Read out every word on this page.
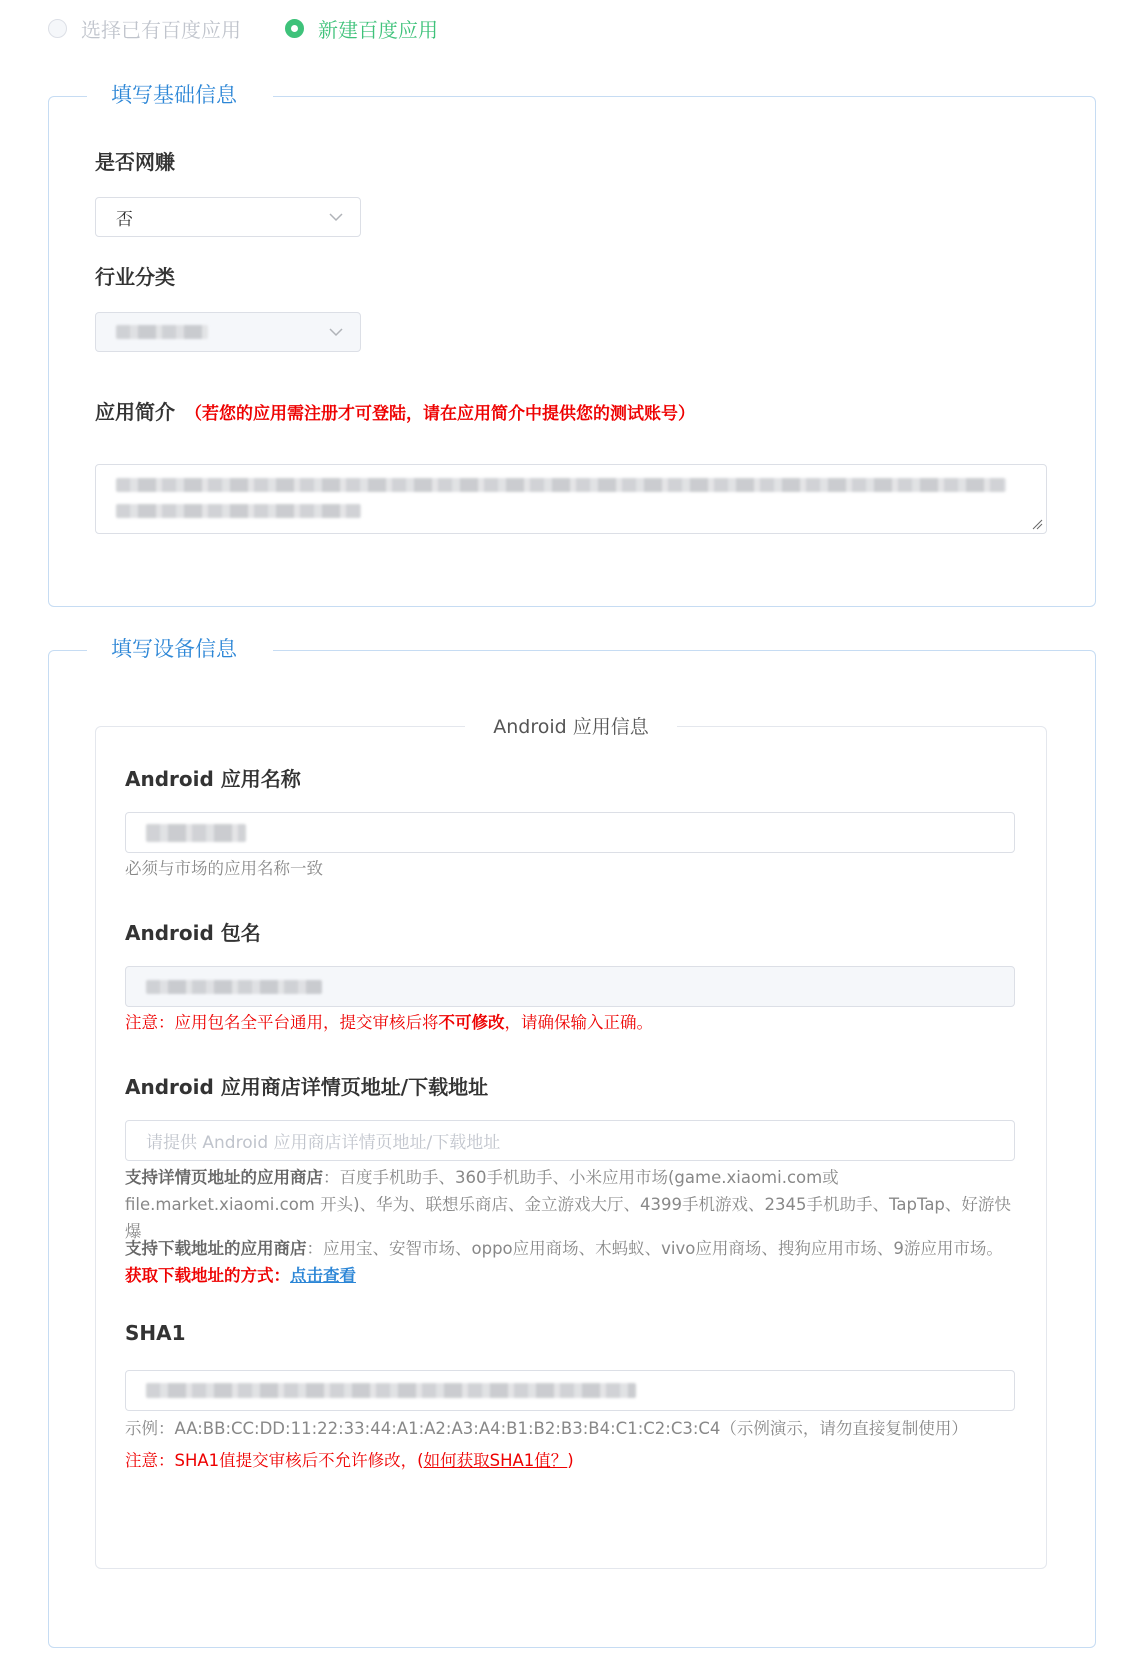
选择已有百度应用	新建百度应用
填写基础信息
是否网赚
否
行业分类
应用简介 （若您的应用需注册才可登陆，请在应用简介中提供您的测试账号）
填写设备信息
Android 应用信息
Android 应用名称
必须与市场的应用名称一致
Android 包名
注意：应用包名全平台通用，提交审核后将不可修改，请确保输入正确。
Android 应用商店详情页地址/下载地址
请提供 Android 应用商店详情页地址/下载地址
支持详情页地址的应用商店：百度手机助手、360手机助手、小米应用市场(game.xiaomi.com或file.market.xiaomi.com 开头)、华为、联想乐商店、金立游戏大厅、4399手机游戏、2345手机助手、TapTap、好游快爆
支持下载地址的应用商店：应用宝、安智市场、oppo应用商场、木蚂蚁、vivo应用商场、搜狗应用市场、9游应用市场。 获取下载地址的方式：点击查看
SHA1
示例：AA:BB:CC:DD:11:22:33:44:A1:A2:A3:A4:B1:B2:B3:B4:C1:C2:C3:C4（示例演示，请勿直接复制使用）
注意：SHA1值提交审核后不允许修改，(如何获取SHA1值？)
